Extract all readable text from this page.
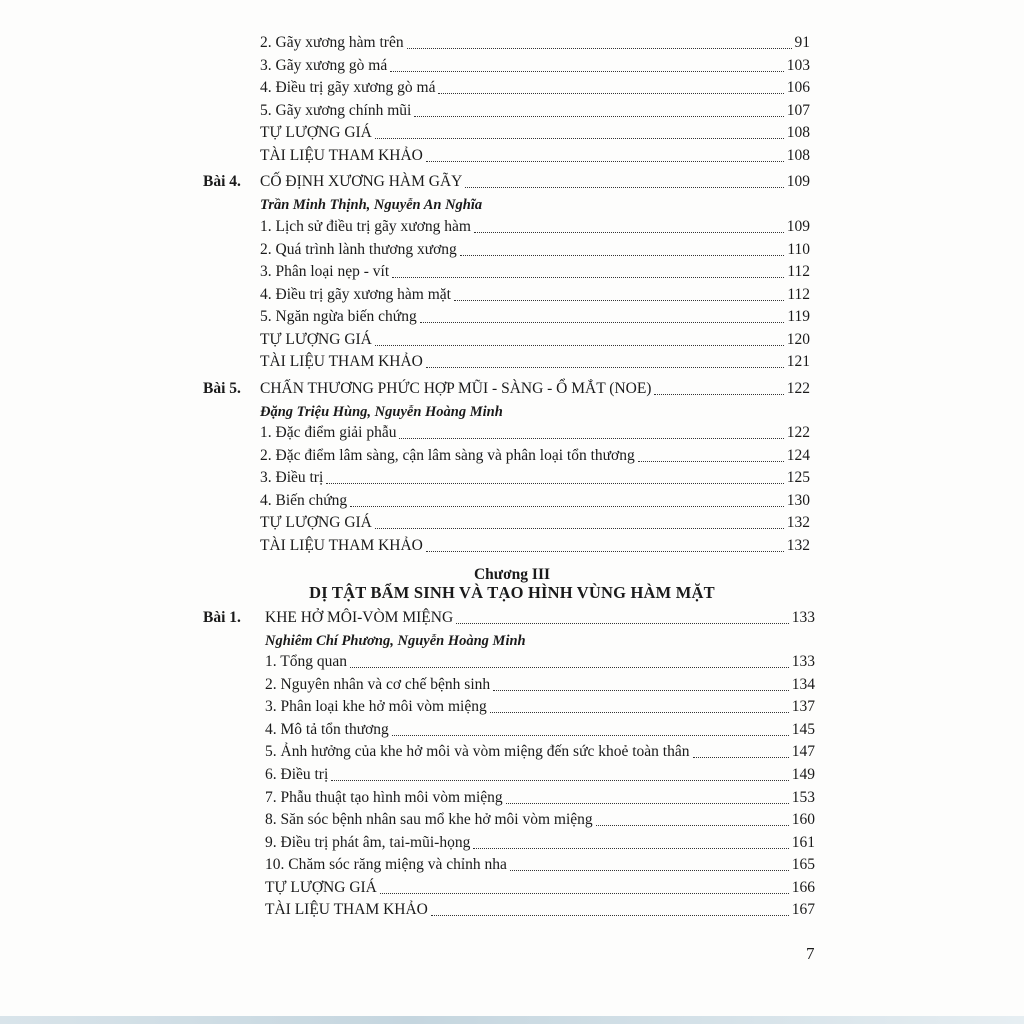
2. Gãy xương hàm trên	91
3. Gãy xương gò má	103
4. Điều trị gãy xương gò má	106
5. Gãy xương chính mũi	107
TỰ LƯỢNG GIÁ	108
TÀI LIỆU THAM KHẢO	108
Bài 4. CỐ ĐỊNH XƯƠNG HÀM GÃY	109
Trần Minh Thịnh, Nguyễn An Nghĩa
1. Lịch sử điều trị gãy xương hàm	109
2. Quá trình lành thương xương	110
3. Phân loại nẹp - vít	112
4. Điều trị gãy xương hàm mặt	112
5. Ngăn ngừa biến chứng	119
TỰ LƯỢNG GIÁ	120
TÀI LIỆU THAM KHẢO	121
Bài 5. CHẤN THƯƠNG PHỨC HỢP MŨI - SÀNG - Ổ MẮT (NOE)	122
Đặng Triệu Hùng, Nguyễn Hoàng Minh
1. Đặc điểm giải phẫu	122
2. Đặc điểm lâm sàng, cận lâm sàng và phân loại tổn thương	124
3. Điều trị	125
4. Biến chứng	130
TỰ LƯỢNG GIÁ	132
TÀI LIỆU THAM KHẢO	132
Chương III
DỊ TẬT BẨM SINH VÀ TẠO HÌNH VÙNG HÀM MẶT
Bài 1. KHE HỞ MÔI-VÒM MIỆNG	133
Nghiêm Chí Phương, Nguyễn Hoàng Minh
1. Tổng quan	133
2. Nguyên nhân và cơ chế bệnh sinh	134
3. Phân loại khe hở môi vòm miệng	137
4. Mô tả tổn thương	145
5. Ảnh hưởng của khe hở môi và vòm miệng đến sức khoẻ toàn thân	147
6. Điều trị	149
7. Phẫu thuật tạo hình môi vòm miệng	153
8. Săn sóc bệnh nhân sau mổ khe hở môi vòm miệng	160
9. Điều trị phát âm, tai-mũi-họng	161
10. Chăm sóc răng miệng và chỉnh nha	165
TỰ LƯỢNG GIÁ	166
TÀI LIỆU THAM KHẢO	167
7
